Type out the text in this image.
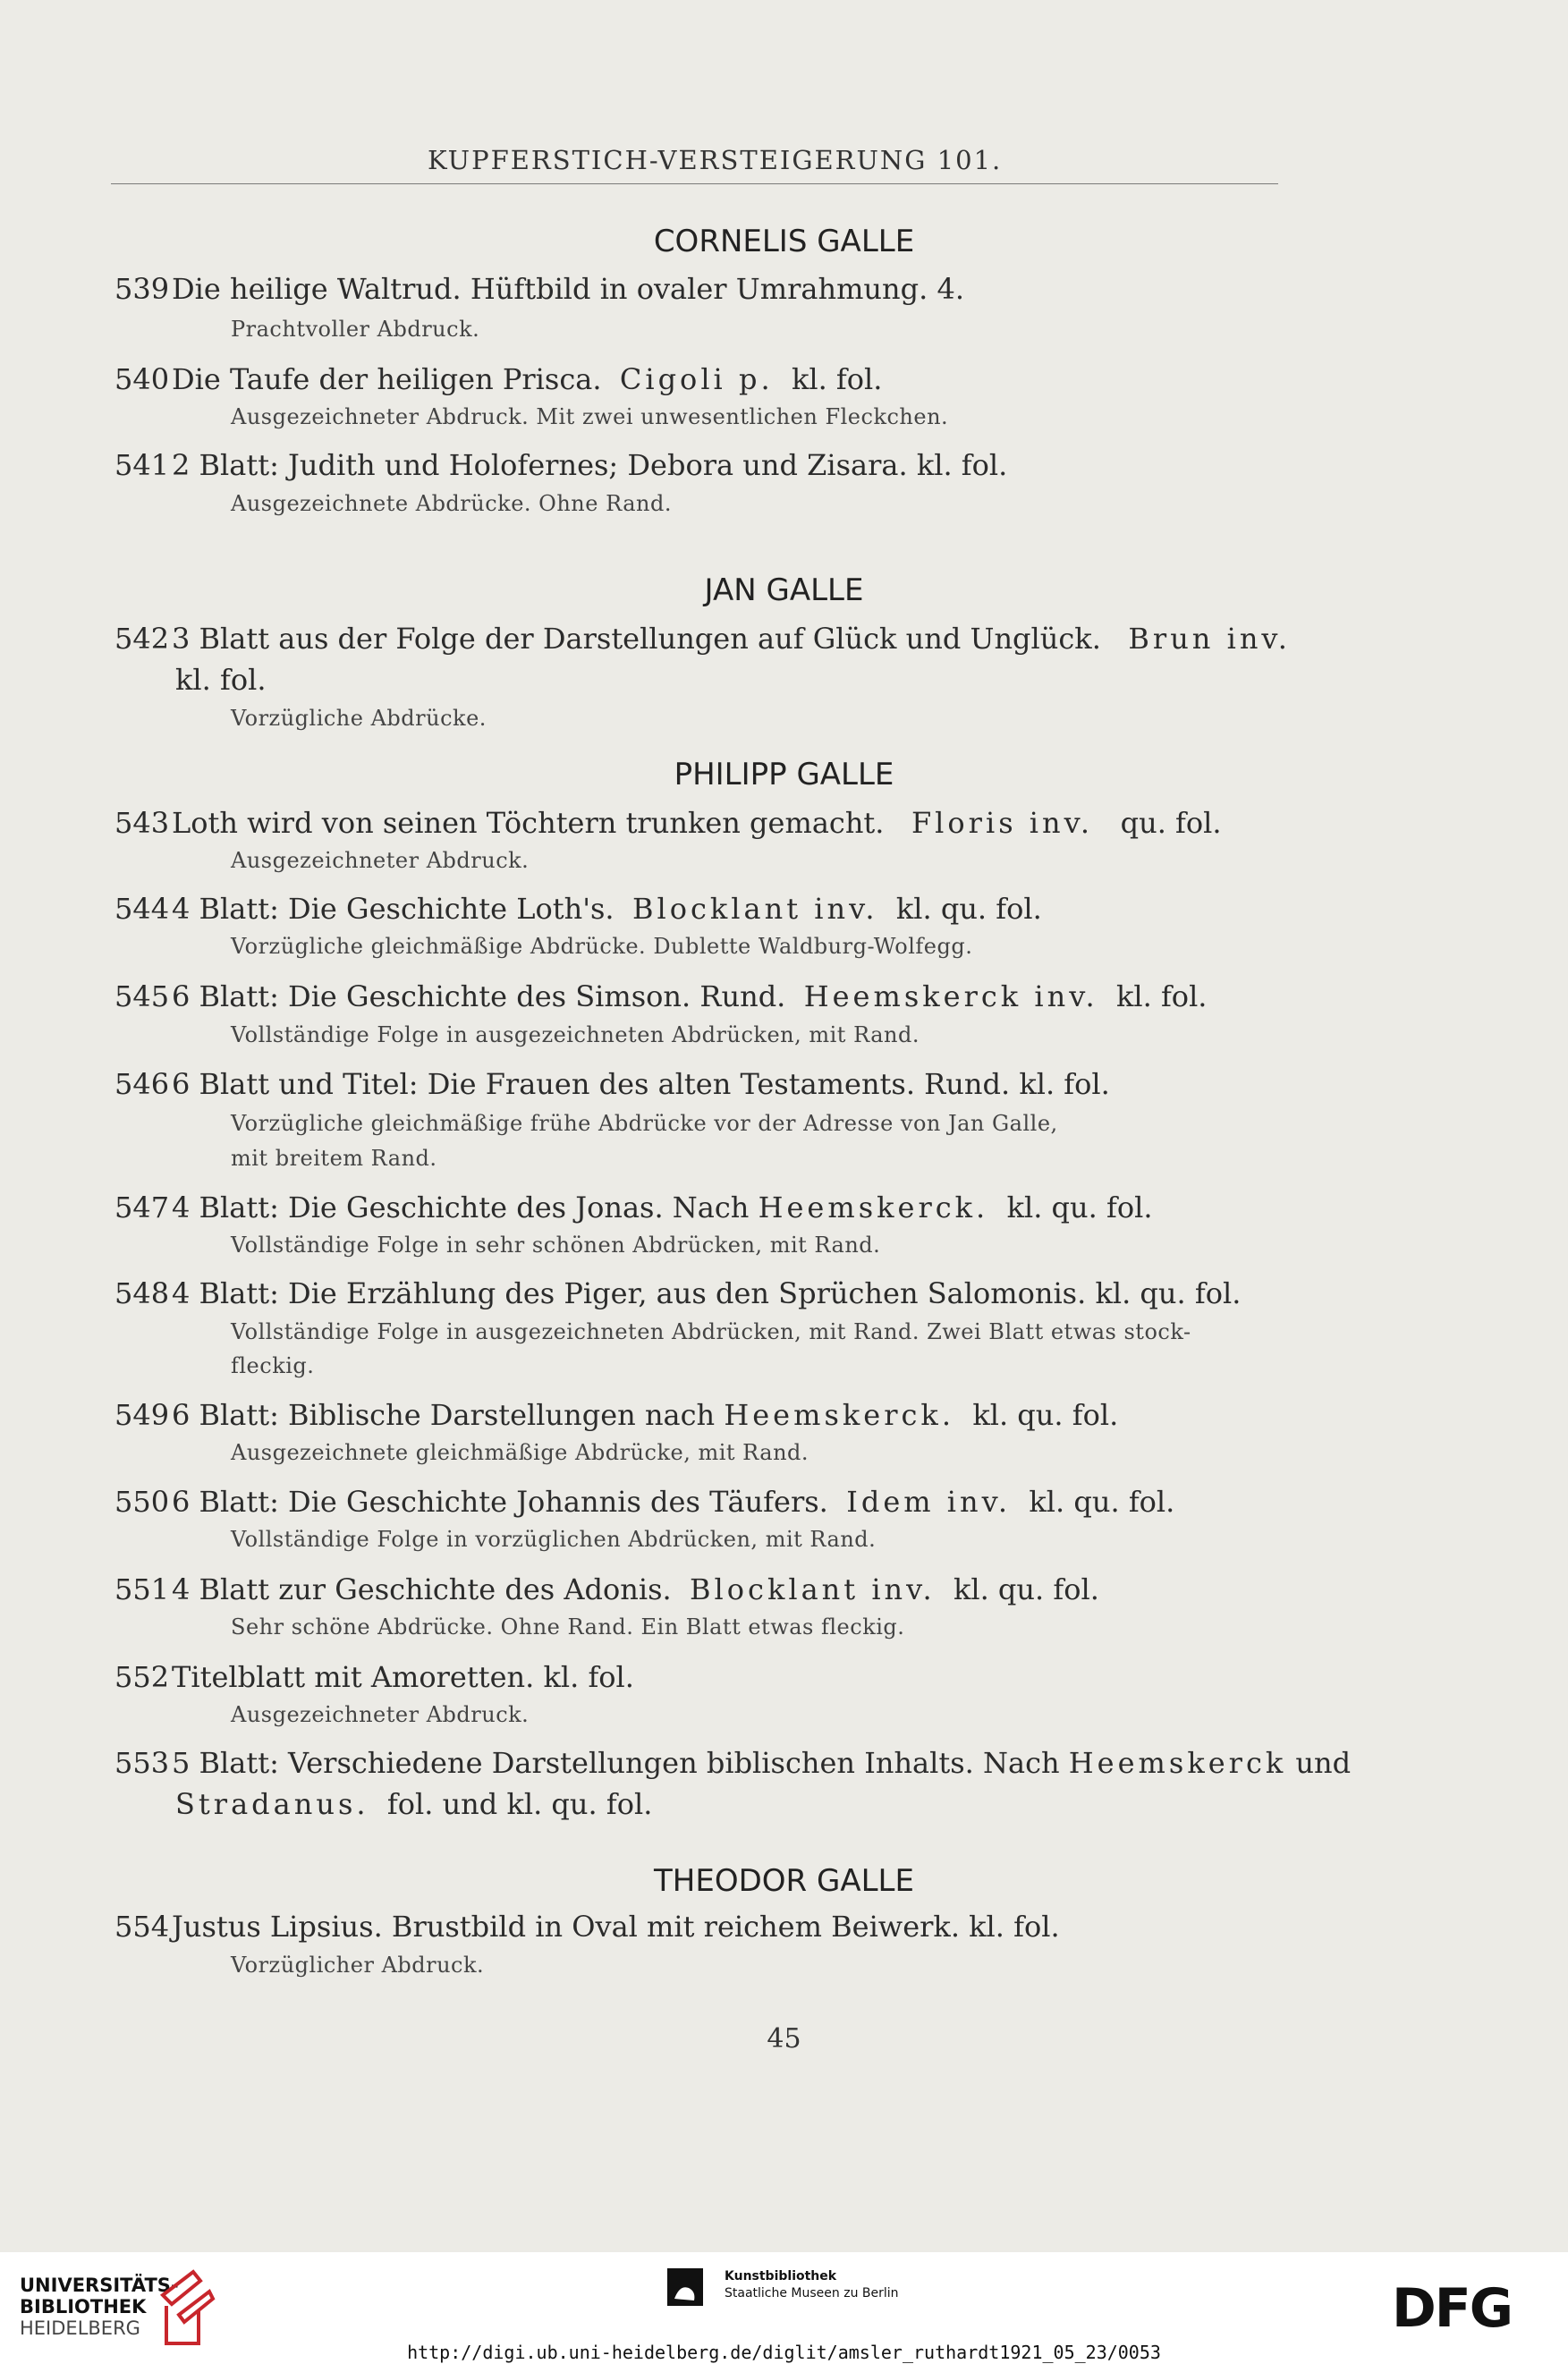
KUPFERSTICH-VERSTEIGERUNG 101.
CORNELIS GALLE
539Die heilige Waltrud. Hüftbild in ovaler Umrahmung. 4.
Prachtvoller Abdruck.
540Die Taufe der heiligen Prisca. Cigoli p. kl. fol.
Ausgezeichneter Abdruck. Mit zwei unwesentlichen Fleckchen.
5412 Blatt: Judith und Holofernes; Debora und Zisara. kl. fol.
Ausgezeichnete Abdrücke. Ohne Rand.
JAN GALLE
5423 Blatt aus der Folge der Darstellungen auf Glück und Unglück. Brun inv.
kl. fol.
Vorzügliche Abdrücke.
PHILIPP GALLE
543Loth wird von seinen Töchtern trunken gemacht. Floris inv. qu. fol.
Ausgezeichneter Abdruck.
5444 Blatt: Die Geschichte Loth's. Blocklant inv. kl. qu. fol.
Vorzügliche gleichmäßige Abdrücke. Dublette Waldburg-Wolfegg.
5456 Blatt: Die Geschichte des Simson. Rund. Heemskerck inv. kl. fol.
Vollständige Folge in ausgezeichneten Abdrücken, mit Rand.
5466 Blatt und Titel: Die Frauen des alten Testaments. Rund. kl. fol.
Vorzügliche gleichmäßige frühe Abdrücke vor der Adresse von Jan Galle,
mit breitem Rand.
5474 Blatt: Die Geschichte des Jonas. Nach Heemskerck. kl. qu. fol.
Vollständige Folge in sehr schönen Abdrücken, mit Rand.
5484 Blatt: Die Erzählung des Piger, aus den Sprüchen Salomonis. kl. qu. fol.
Vollständige Folge in ausgezeichneten Abdrücken, mit Rand. Zwei Blatt etwas stock-
fleckig.
5496 Blatt: Biblische Darstellungen nach Heemskerck. kl. qu. fol.
Ausgezeichnete gleichmäßige Abdrücke, mit Rand.
5506 Blatt: Die Geschichte Johannis des Täufers. Idem inv. kl. qu. fol.
Vollständige Folge in vorzüglichen Abdrücken, mit Rand.
5514 Blatt zur Geschichte des Adonis. Blocklant inv. kl. qu. fol.
Sehr schöne Abdrücke. Ohne Rand. Ein Blatt etwas fleckig.
552Titelblatt mit Amoretten. kl. fol.
Ausgezeichneter Abdruck.
5535 Blatt: Verschiedene Darstellungen biblischen Inhalts. Nach Heemskerck und
Stradanus. fol. und kl. qu. fol.
THEODOR GALLE
554Justus Lipsius. Brustbild in Oval mit reichem Beiwerk. kl. fol.
Vorzüglicher Abdruck.
45
UNIVERSITÄTS-
BIBLIOTHEK
HEIDELBERG
Kunstbibliothek
Staatliche Museen zu Berlin	DFG
http://digi.ub.uni-heidelberg.de/diglit/amsler_ruthardt1921_05_23/0053
